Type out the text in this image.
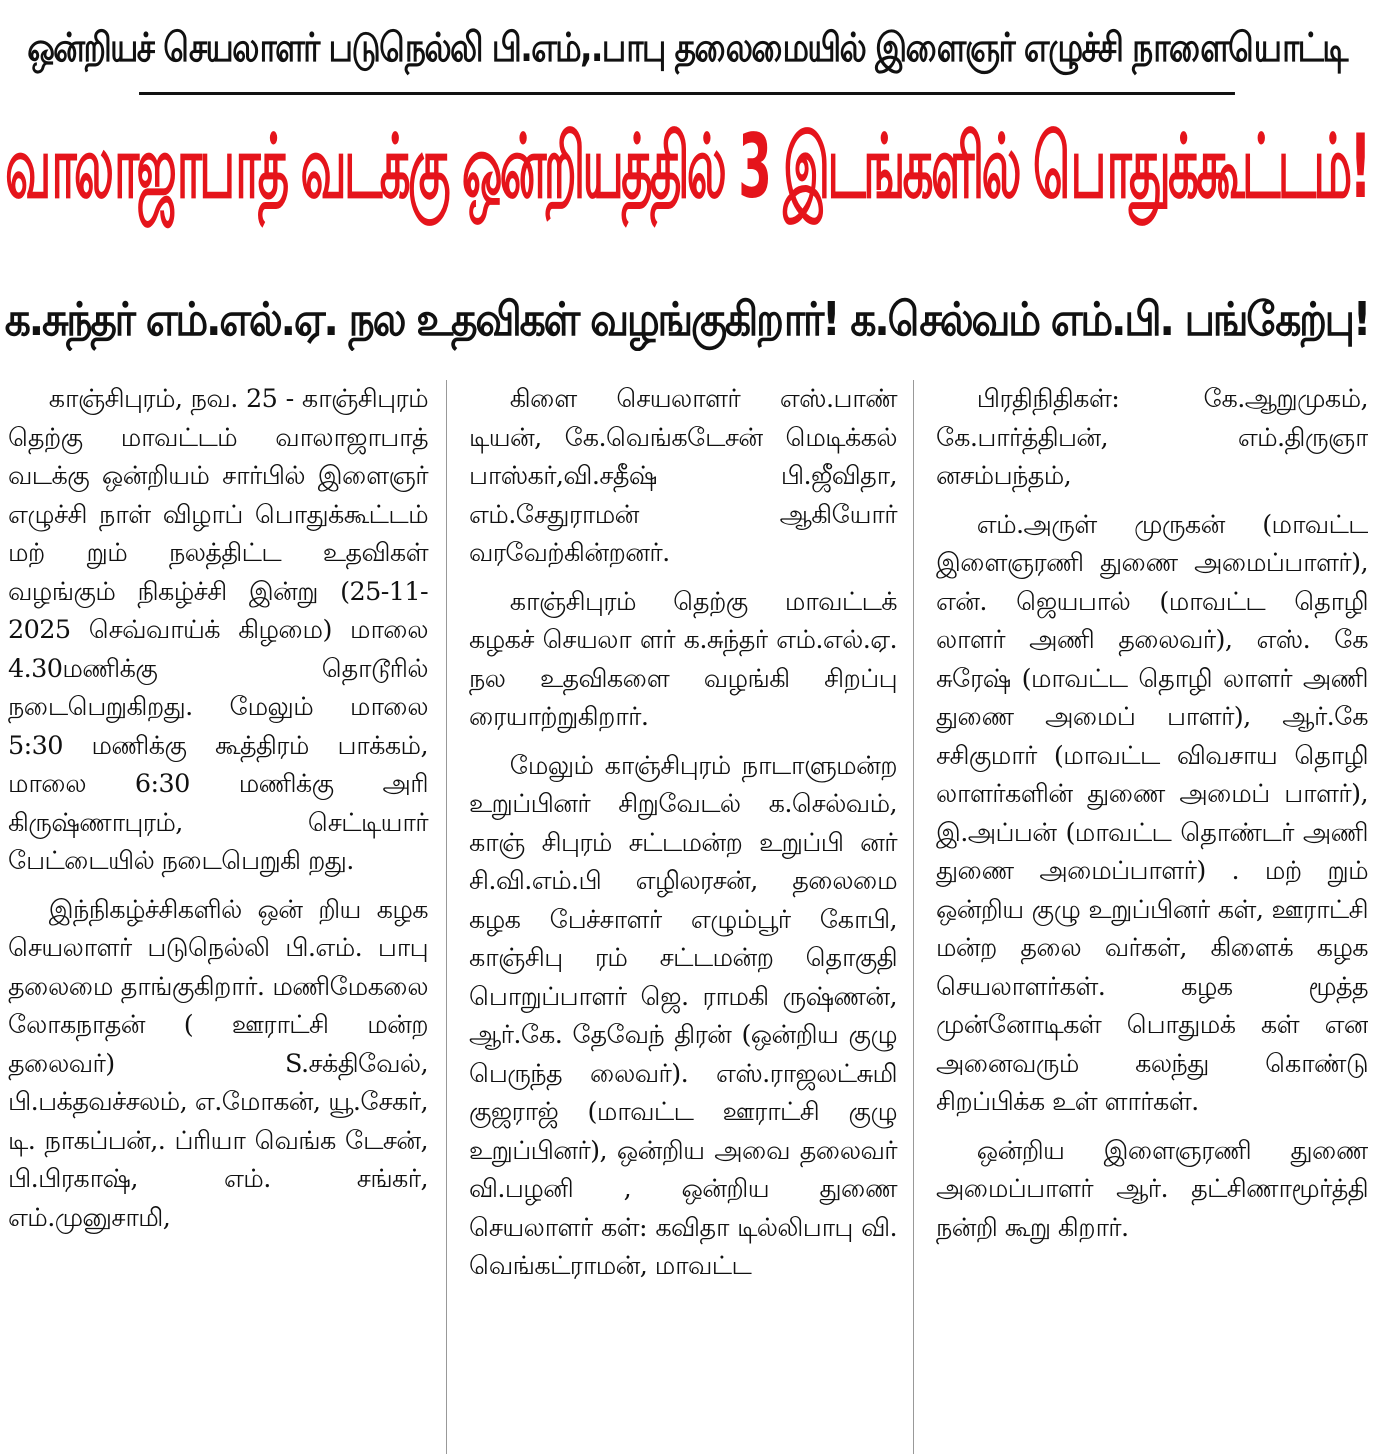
ஒன்றியச் செயலாளர் படுநெல்லி பி.எம்,.பாபு தலைமையில் இளைஞர் எழுச்சி நாளையொட்டி
வாலாஜாபாத் வடக்கு ஒன்றியத்தில் 3 இடங்களில் பொதுக்கூட்டம்!
க.சுந்தர் எம்.எல்.ஏ. நல உதவிகள் வழங்குகிறார்! க.செல்வம் எம்.பி. பங்கேற்பு!

காஞ்சிபுரம், நவ. 25 - காஞ்சிபுரம் தெற்கு மாவட்டம் வாலாஜாபாத் வடக்கு ஒன்றியம் சார்பில் இளைஞர் எழுச்சி நாள் விழாப் பொதுக்கூட்டம் மற் றும் நலத்திட்ட உதவிகள் வழங்கும் நிகழ்ச்சி இன்று (25-11-2025 செவ்வாய்க் கிழமை) மாலை 4.30மணிக்கு தொடூரில் நடைபெறுகிறது. மேலும் மாலை 5:30 மணிக்கு கூத்திரம் பாக்கம், மாலை 6:30 மணிக்கு அரி கிருஷ்ணாபுரம், செட்டியார் பேட்டையில் நடைபெறுகி றது.

இந்நிகழ்ச்சிகளில் ஒன் றிய கழக செயலாளர் படுநெல்லி பி.எம். பாபு தலைமை தாங்குகிறார். மணிமேகலை லோகநாதன் ( ஊராட்சி மன்ற தலைவர்) S.சக்திவேல், பி.பக்தவச்சலம், எ.மோகன், யூ.சேகர், டி. நாகப்பன்,. ப்ரியா வெங்க டேசன், பி.பிரகாஷ், எம். சங்கர், எம்.முனுசாமி,

கிளை செயலாளர் எஸ்.பாண் டியன், கே.வெங்கடேசன் மெடிக்கல் பாஸ்கர்,வி.சதீஷ் பி.ஜீவிதா, எம்.சேதுராமன் ஆகியோர் வரவேற்கின்றனர்.

காஞ்சிபுரம் தெற்கு மாவட்டக் கழகச் செயலா ளர் க.சுந்தர் எம்.எல்.ஏ. நல உதவிகளை வழங்கி சிறப்பு ரையாற்றுகிறார்.

மேலும் காஞ்சிபுரம் நாடாளுமன்ற உறுப்பினர் சிறுவேடல் க.செல்வம், காஞ் சிபுரம் சட்டமன்ற உறுப்பி னர் சி.வி.எம்.பி எழிலரசன், தலைமை கழக பேச்சாளர் எழும்பூர் கோபி, காஞ்சிபு ரம் சட்டமன்ற தொகுதி பொறுப்பாளர் ஜெ. ராமகி ருஷ்ணன், ஆர்.கே. தேவேந் திரன் (ஒன்றிய குழு பெருந்த லைவர்). எஸ்.ராஜலட்சுமி குஜராஜ் (மாவட்ட ஊராட்சி குழு உறுப்பினர்), ஒன்றிய அவை தலைவர் வி.பழனி , ஒன்றிய துணை செயலாளர் கள்: கவிதா டில்லிபாபு வி. வெங்கட்ராமன், மாவட்ட

பிரதிநிதிகள்: கே.ஆறுமுகம், கே.பார்த்திபன், எம்.திருஞா னசம்பந்தம்,

எம்.அருள் முருகன் (மாவட்ட இளைஞரணி துணை அமைப்பாளர்), என். ஜெயபால் (மாவட்ட தொழி லாளர் அணி தலைவர்), எஸ். கே சுரேஷ் (மாவட்ட தொழி லாளர் அணி துணை அமைப் பாளர்), ஆர்.கே சசிகுமார் (மாவட்ட விவசாய தொழி லாளர்களின் துணை அமைப் பாளர்), இ.அப்பன் (மாவட்ட தொண்டர் அணி துணை அமைப்பாளர்) . மற் றும் ஒன்றிய குழு உறுப்பினர் கள், ஊராட்சி மன்ற தலை வர்கள், கிளைக் கழக செயலாளர்கள். கழக மூத்த முன்னோடிகள் பொதுமக் கள் என அனைவரும் கலந்து கொண்டு சிறப்பிக்க உள் ளார்கள்.

ஒன்றிய இளைஞரணி துணை அமைப்பாளர் ஆர். தட்சிணாமூர்த்தி நன்றி கூறு கிறார்.
